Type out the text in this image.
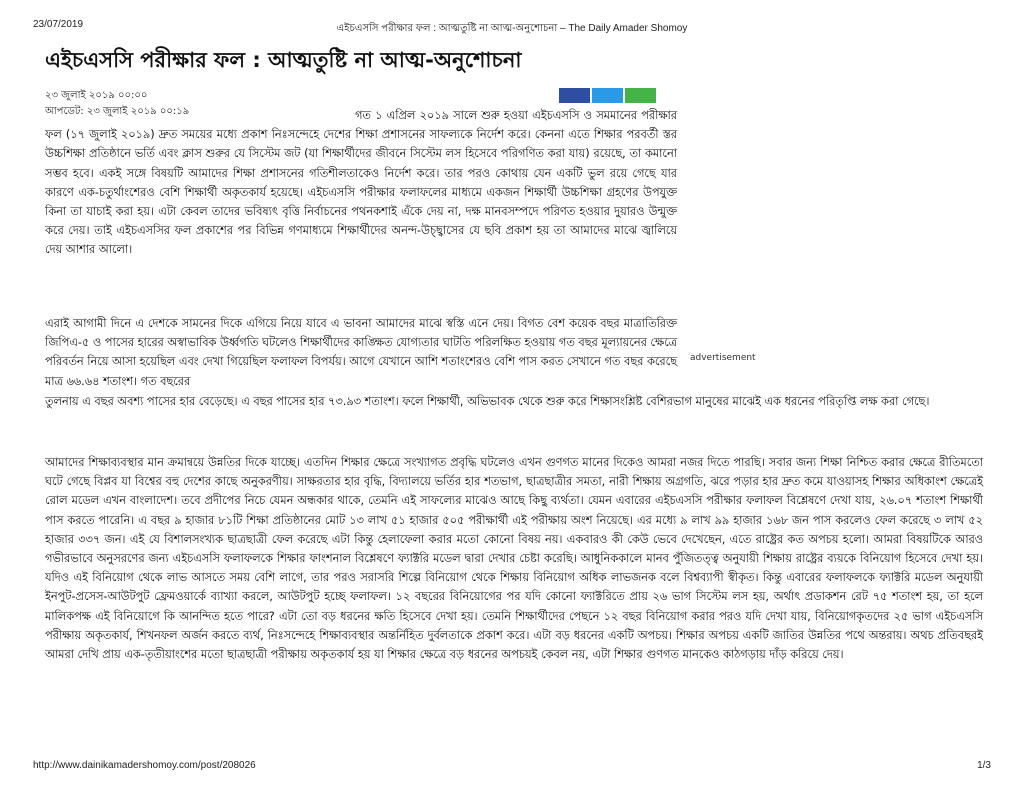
23/07/2019	এইচএসসি পরীক্ষার ফল : আত্মতুষ্টি না আত্ম-অনুশোচনা – The Daily Amader Shomoy
এইচএসসি পরীক্ষার ফল : আত্মতুষ্টি না আত্ম-অনুশোচনা
২৩ জুলাই ২০১৯ ০০:০০
আপডেট: ২৩ জুলাই ২০১৯ ০০:১৯	গত ১ এপ্রিল ২০১৯ সালে শুরু হওয়া এইচএসসি ও সমমানের পরীক্ষার ফল (১৭ জুলাই ২০১৯) দ্রুত সময়ের মধ্যে প্রকাশ নিঃসন্দেহে দেশের শিক্ষা প্রশাসনের সাফল্যকে নির্দেশ করে। কেননা এতে শিক্ষার পরবর্তী স্তর উচ্চশিক্ষা প্রতিষ্ঠানে ভর্তি এবং ক্লাস শুরুর যে সিস্টেম জট (যা শিক্ষার্থীদের জীবনে সিস্টেম লস হিসেবে পরিগণিত করা যায়) রয়েছে, তা কমানো সম্ভব হবে। একই সঙ্গে বিষয়টি আমাদের শিক্ষা প্রশাসনের গতিশীলতাকেও নির্দেশ করে। তার পরও কোথায় যেন একটি ভুল রয়ে গেছে যার কারণে এক-চতুর্থাংশেরও বেশি শিক্ষার্থী অকৃতকার্য হয়েছে। এইচএসসি পরীক্ষার ফলাফলের মাধ্যমে একজন শিক্ষার্থী উচ্চশিক্ষা গ্রহণের উপযুক্ত কিনা তা যাচাই করা হয়। এটা কেবল তাদের ভবিষ্যৎ বৃত্তি নির্বাচনের পথনকশাই এঁকে দেয় না, দক্ষ মানবসম্পদে পরিণত হওয়ার দুয়ারও উন্মুক্ত করে দেয়। তাই এইচএসসির ফল প্রকাশের পর বিভিন্ন গণমাধ্যমে শিক্ষার্থীদের অনন্দ-উচ্ছ্বাসের যে ছবি প্রকাশ হয় তা আমাদের মাঝে জ্বালিয়ে দেয় আশার আলো।

এরাই আগামী দিনে এ দেশকে সামনের দিকে এগিয়ে নিয়ে যাবে এ ভাবনা আমাদের মাঝে স্বস্তি এনে দেয়। বিগত বেশ কয়েক বছর মাত্রাতিরিক্ত জিপিএ-৫ ও পাসের হারের অস্বাভাবিক উর্ধ্বগতি ঘটলেও শিক্ষার্থীদের কাঙ্ক্ষিত যোগ্যতার ঘাটতি পরিলক্ষিত হওয়ায় গত বছর মূল্যায়নের ক্ষেত্রে পরিবর্তন নিয়ে আসা হয়েছিল এবং দেখা গিয়েছিল ফলাফল বিপর্যয়। আগে যেখানে আশি শতাংশেরও বেশি পাস করত সেখানে গত বছর করেছে মাত্র ৬৬.৬৪ শতাংশ। গত বছরের

advertisement

তুলনায় এ বছর অবশ্য পাসের হার বেড়েছে। এ বছর পাসের হার ৭৩.৯৩ শতাংশ। ফলে শিক্ষার্থী, অভিভাবক থেকে শুরু করে শিক্ষাসংশ্লিষ্ট বেশিরভাগ মানুষের মাঝেই এক ধরনের পরিতৃপ্তি লক্ষ করা গেছে।

আমাদের শিক্ষাব্যবস্থার মান ক্রমান্বয়ে উন্নতির দিকে যাচ্ছে। এতদিন শিক্ষার ক্ষেত্রে সংখ্যাগত প্রবৃদ্ধি ঘটলেও এখন গুণগত মানের দিকেও আমরা নজর দিতে পারছি। সবার জন্য শিক্ষা নিশ্চিত করার ক্ষেত্রে রীতিমতো ঘটে গেছে বিপ্লব যা বিশ্বের বহু দেশের কাছে অনুকরণীয়। সাক্ষরতার হার বৃদ্ধি, বিদ্যালয়ে ভর্তির হার শতভাগ, ছাত্রছাত্রীর সমতা, নারী শিক্ষায় অগ্রগতি, ঝরে পড়ার হার দ্রুত কমে যাওয়াসহ শিক্ষার অধিকাংশ ক্ষেত্রেই রোল মডেল এখন বাংলাদেশ। তবে প্রদীপের নিচে যেমন অন্ধকার থাকে, তেমনি এই সাফল্যের মাঝেও আছে কিছু ব্যর্থতা। যেমন এবারের এইচএসসি পরীক্ষার ফলাফল বিশ্লেষণে দেখা যায়, ২৬.০৭ শতাংশ শিক্ষার্থী পাস করতে পারেনি। এ বছর ৯ হাজার ৮১টি শিক্ষা প্রতিষ্ঠানের মোট ১৩ লাখ ৫১ হাজার ৫০৫ পরীক্ষার্থী এই পরীক্ষায় অংশ নিয়েছে। এর মধ্যে ৯ লাখ ৯৯ হাজার ১৬৮ জন পাস করলেও ফেল করেছে ৩ লাখ ৫২ হাজার ৩৩৭ জন। এই যে বিশালসংখ্যক ছাত্রছাত্রী ফেল করেছে এটা কিন্তু হেলাফেলা করার মতো কোনো বিষয় নয়। একবারও কী কেউ ভেবে দেখেছেন, এতে রাষ্ট্রের কত অপচয় হলো। আমরা বিষয়টিকে আরও গভীরভাবে অনুসরণের জন্য এইচএসসি ফলাফলকে শিক্ষার ফাংশনাল বিশ্লেষণে ফ্যাক্টরি মডেল দ্বারা দেখার চেষ্টা করেছি। আধুনিককালে মানব পুঁজিতত্ত্ব অনুযায়ী শিক্ষায় রাষ্ট্রের ব্যয়কে বিনিয়োগ হিসেবে দেখা হয়। যদিও এই বিনিয়োগ থেকে লাভ আসতে সময় বেশি লাগে, তার পরও সরাসরি শিল্পে বিনিয়োগ থেকে শিক্ষায় বিনিয়োগ অধিক লাভজনক বলে বিশ্বব্যাপী স্বীকৃত। কিন্তু এবারের ফলাফলকে ফ্যাক্টরি মডেল অনুযায়ী ইনপুট-প্রসেস-আউটপুট ফ্রেমওয়ার্কে ব্যাখ্যা করলে, আউটপুট হচ্ছে ফলাফল। ১২ বছরের বিনিয়োগের পর যদি কোনো ফ্যাক্টরিতে প্রায় ২৬ ভাগ সিস্টেম লস হয়, অর্থাৎ প্রডাকশন রেট ৭৫ শতাংশ হয়, তা হলে মালিকপক্ষ এই বিনিয়োগে কি আনন্দিত হতে পারে? এটা তো বড় ধরনের ক্ষতি হিসেবে দেখা হয়। তেমনি শিক্ষার্থীদের পেছনে ১২ বছর বিনিয়োগ করার পরও যদি দেখা যায়, বিনিয়োগকৃতদের ২৫ ভাগ এইচএসসি পরীক্ষায় অকৃতকার্য, শিখনফল অর্জন করতে ব্যর্থ, নিঃসন্দেহে শিক্ষাব্যবস্থার অন্তর্নিহিত দুর্বলতাকে প্রকাশ করে। এটা বড় ধরনের একটি অপচয়। শিক্ষার অপচয় একটি জাতির উন্নতির পথে অন্তরায়। অথচ প্রতিবছরই আমরা দেখি প্রায় এক-তৃতীয়াংশের মতো ছাত্রছাত্রী পরীক্ষায় অকৃতকার্য হয় যা শিক্ষার ক্ষেত্রে বড় ধরনের অপচয়ই কেবল নয়, এটা শিক্ষার গুণগত মানকেও কাঠগড়ায় দাঁড় করিয়ে দেয়।

http://www.dainikamadershomoy.com/post/208026	1/3
